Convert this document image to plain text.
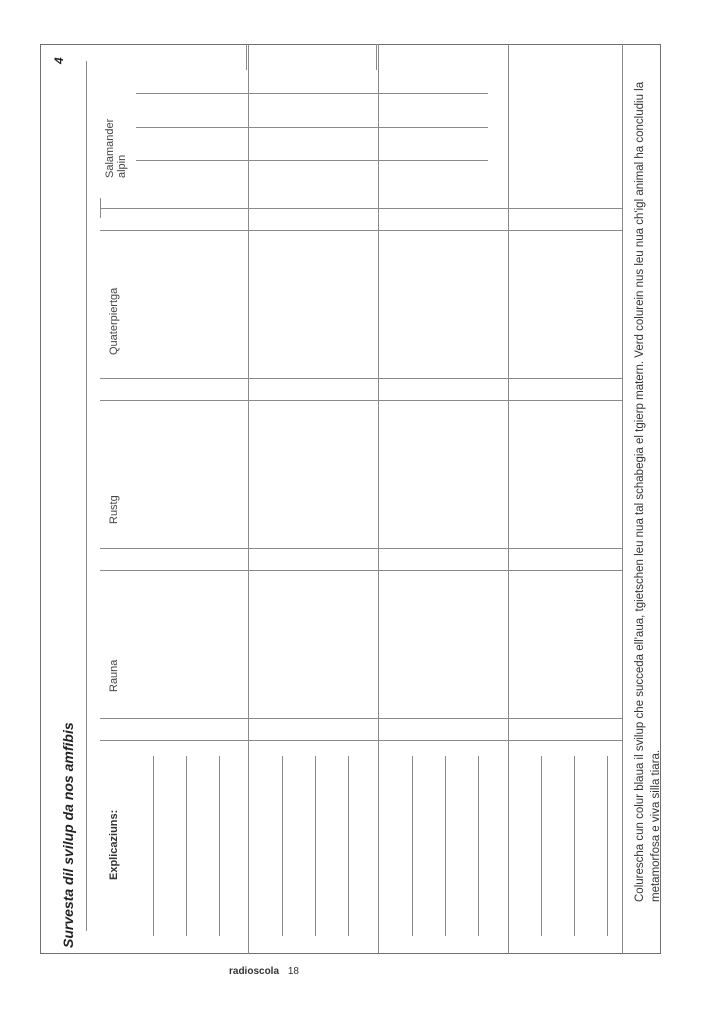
Survesta dil svilup da nos amfibis
4
Explicaziuns:
Rauna
Rustg
Quaterpiertga
Salamander alpin	Colurescha cun colur blaua il svilup che succeda ell'aua, tgietschen leu nua tal schabegia el tgierp matern. Verd colurein nus leu nua ch'igl animal ha concludiu la metamorfosa e viva silla tiara.
radioscola 18
